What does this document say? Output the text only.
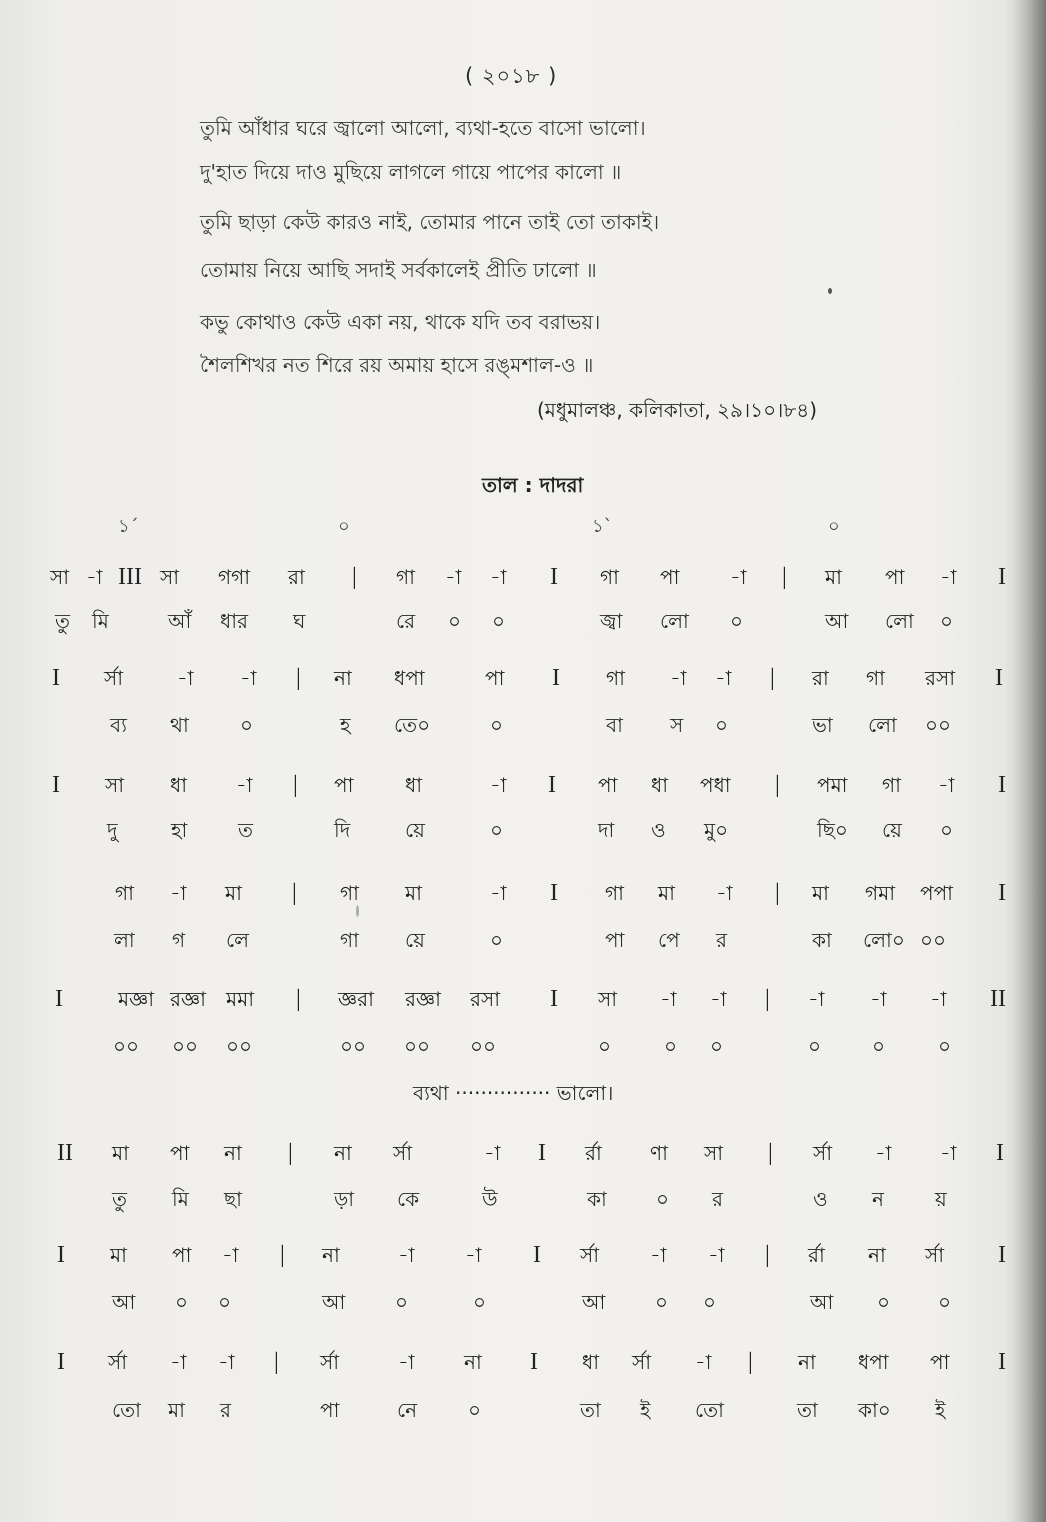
( ২০১৮ )
তুমি আঁধার ঘরে জ্বালো আলো, ব্যথা-হতে বাসো ভালো।
দু'হাত দিয়ে দাও মুছিয়ে লাগলে গায়ে পাপের কালো ॥
তুমি ছাড়া কেউ কারও নাই, তোমার পানে তাই তো তাকাই।
তোমায় নিয়ে আছি সদাই সর্বকালেই প্রীতি ঢালো ॥
কভু কোথাও কেউ একা নয়, থাকে যদি তব বরাভয়।
শৈলশিখর নত শিরে রয় অমায় হাসে রঙ্‌মশাল-ও ॥
(মধুমালঞ্চ, কলিকাতা, ২৯।১০।৮৪)
তাল : দাদরা
১´	০	১`	০
সা -া III সা গগা রা | গা -া -া I গা পা	-া | মা পা -া I
তু মি	আঁ ধার ঘ	রে ০ ০	জ্বা লো ০	আ লো ০
I র্সা	-া -া | না ধপা	পা I গা -া -া | রা গা রসা I
ব্য থা	০	হ তে০	০	বা স ০	ভা লো ০০
I সা ধা -া | পা	ধা	-া I পা ধা পধা | পমা গা -া I
দু	হা	ত	দি	য়ে	০	দা ও মু০	ছি০ য়ে ০
গা -া মা | গা মা	-া I গা মা -া | মা গমা পপা I
লা গ লে	গা য়ে	০	পা পে র	কা লো০ ০০
I	মজ্ঞা রজ্ঞা মমা | জ্ঞরা রজ্ঞা রসা I সা -া -া | -া -া -া II
০০ ০০ ০০	০০ ০০ ০০	০	০ ০	০	০	০
II মা পা না | না র্সা	-া I র্রা ণা সা | র্সা -া -া I
তু মি ছা	ড়া কে	উ	কা ০ র	ও ন	য়
I মা পা -া | না	-া	-া I র্সা	-া -া | র্রা না র্সা I
আ ০ ০	আ ০	০	আ ০ ০	আ ০ ০
I র্সা -া -া | র্সা	-া না I ধা র্সা -া | না ধপা পা I
তো মা র	পা	নে	০	তা ই তো	তা কা০ ই
ব্যথা ··············· ভালো।
